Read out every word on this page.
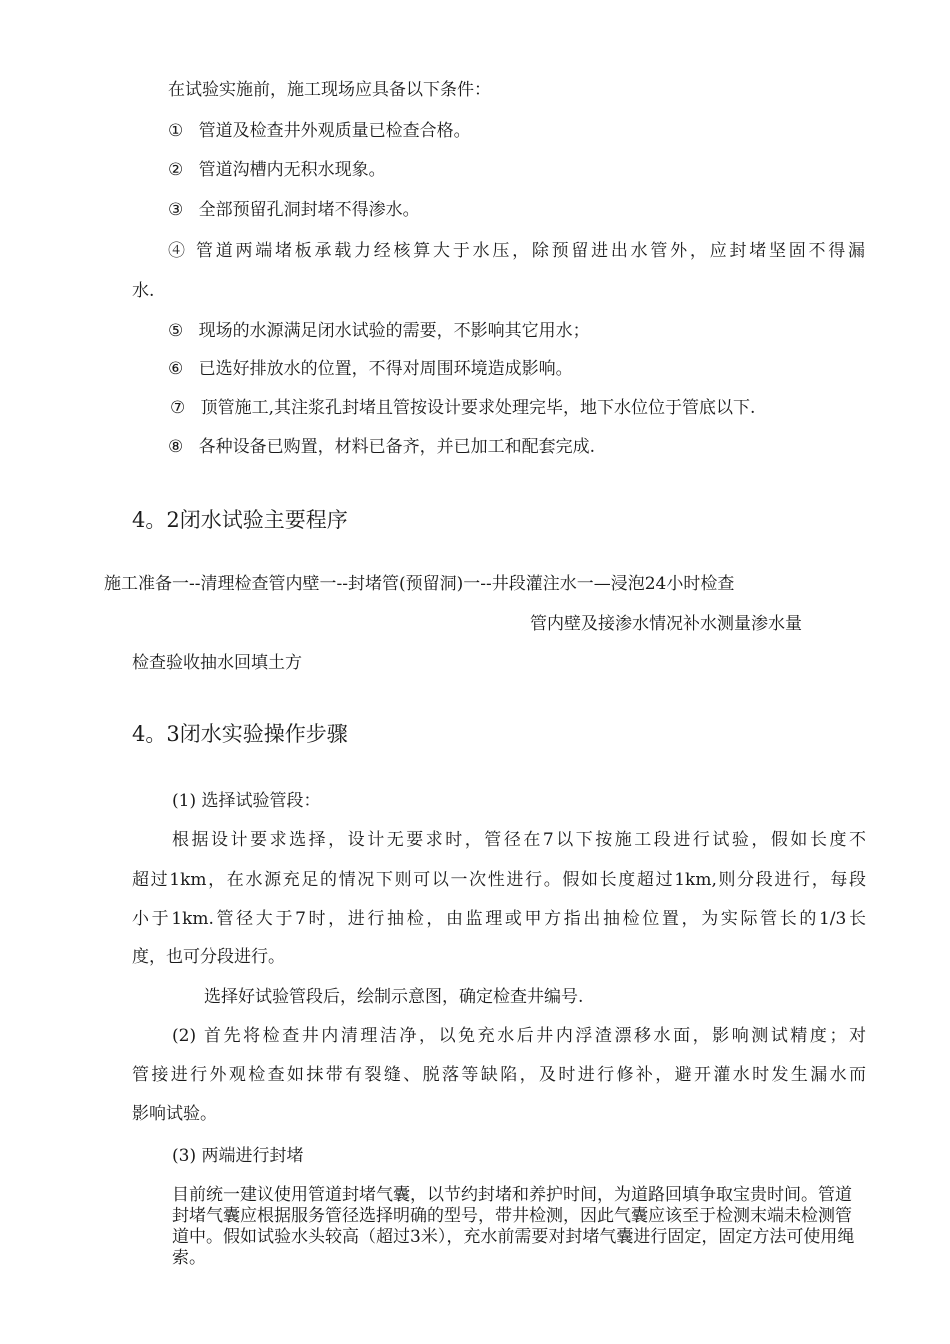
在试验实施前，施工现场应具备以下条件：
① 管道及检查井外观质量已检查合格。
② 管道沟槽内无积水现象。
③ 全部预留孔洞封堵不得渗水。
④ 管道两端堵板承载力经核算大于水压，除预留进出水管外，应封堵坚固不得漏
水.
⑤ 现场的水源满足闭水试验的需要，不影响其它用水；
⑥ 已选好排放水的位置，不得对周围环境造成影响。
⑦ 顶管施工,其注浆孔封堵且管按设计要求处理完毕，地下水位位于管底以下.
⑧ 各种设备已购置，材料已备齐，并已加工和配套完成.
4。2闭水试验主要程序
施工准备一--清理检查管内壁一--封堵管(预留洞)一--井段灌注水一—浸泡24小时检查
管内壁及接渗水情况补水测量渗水量
检查验收抽水回填土方
4。3闭水实验操作步骤
(1) 选择试验管段：
根据设计要求选择，设计无要求时，管径在7以下按施工段进行试验，假如长度不
超过1km，在水源充足的情况下则可以一次性进行。假如长度超过1km,则分段进行，每段
小于1km.管径大于7时，进行抽检，由监理或甲方指出抽检位置，为实际管长的1/3长
度，也可分段进行。
选择好试验管段后，绘制示意图，确定检查井编号.
(2) 首先将检查井内清理洁净，以免充水后井内浮渣漂移水面，影响测试精度；对
管接进行外观检查如抹带有裂缝、脱落等缺陷，及时进行修补，避开灌水时发生漏水而
影响试验。
(3) 两端进行封堵
目前统一建议使用管道封堵气囊，以节约封堵和养护时间，为道路回填争取宝贵时间。管道封堵气囊应根据服务管径选择明确的型号，带井检测，因此气囊应该至于检测末端未检测管道中。假如试验水头较高（超过3米），充水前需要对封堵气囊进行固定，固定方法可使用绳索。
